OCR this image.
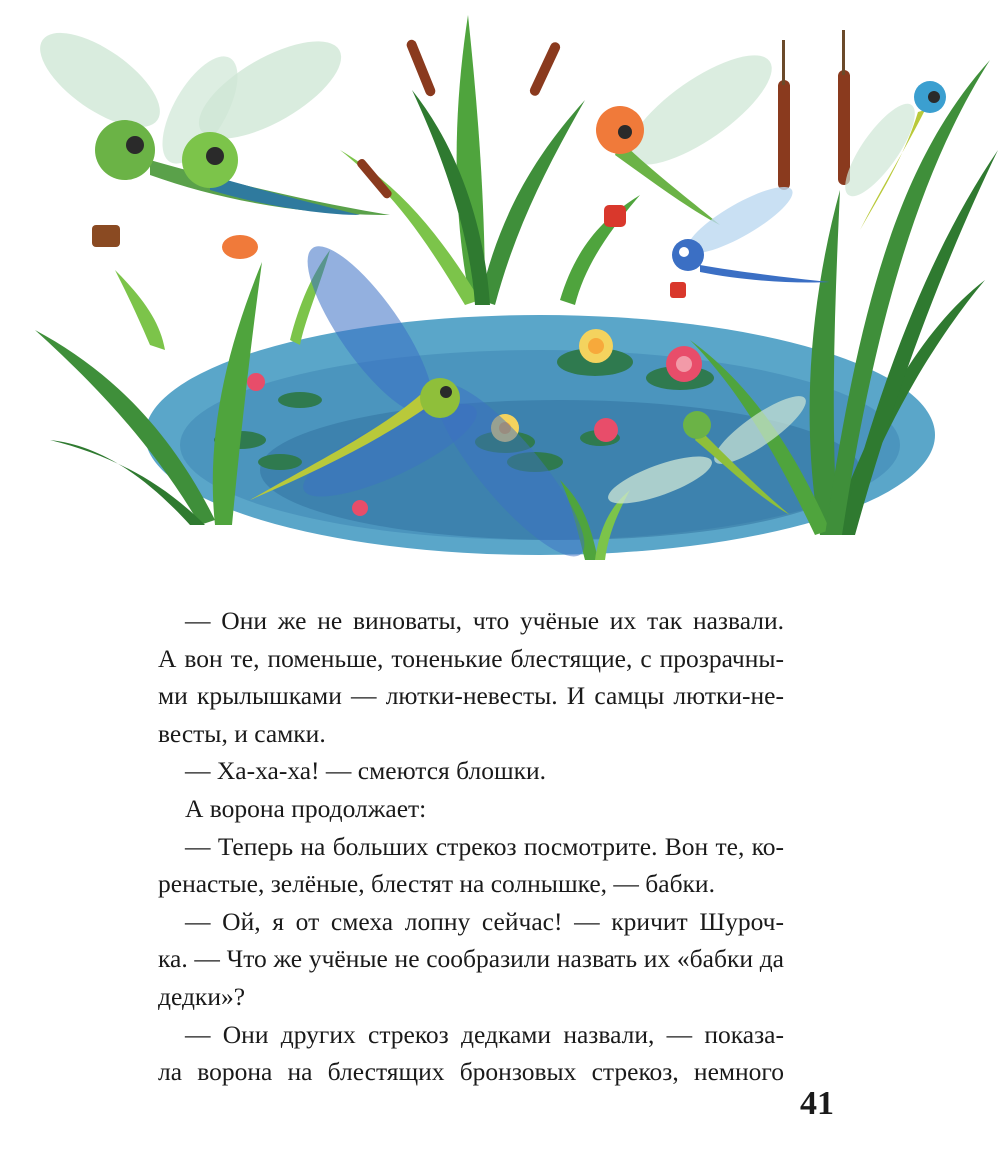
— Они же не виноваты, что учёные их так назвали.
А вон те, поменьше, тоненькие блестящие, с прозрачны-
ми крылышками — лютки-невесты. И самцы лютки-не-
весты, и самки.

— Ха-ха-ха! — смеются блошки.

А ворона продолжает:

— Теперь на больших стрекоз посмотрите. Вон те, ко-
ренастые, зелёные, блестят на солнышке, — бабки.

— Ой, я от смеха лопну сейчас! — кричит Шуроч-
ка. — Что же учёные не сообразили назвать их «бабки да
дедки»?

— Они других стрекоз дедками назвали, — показа-
ла ворона на блестящих бронзовых стрекоз, немного

41
